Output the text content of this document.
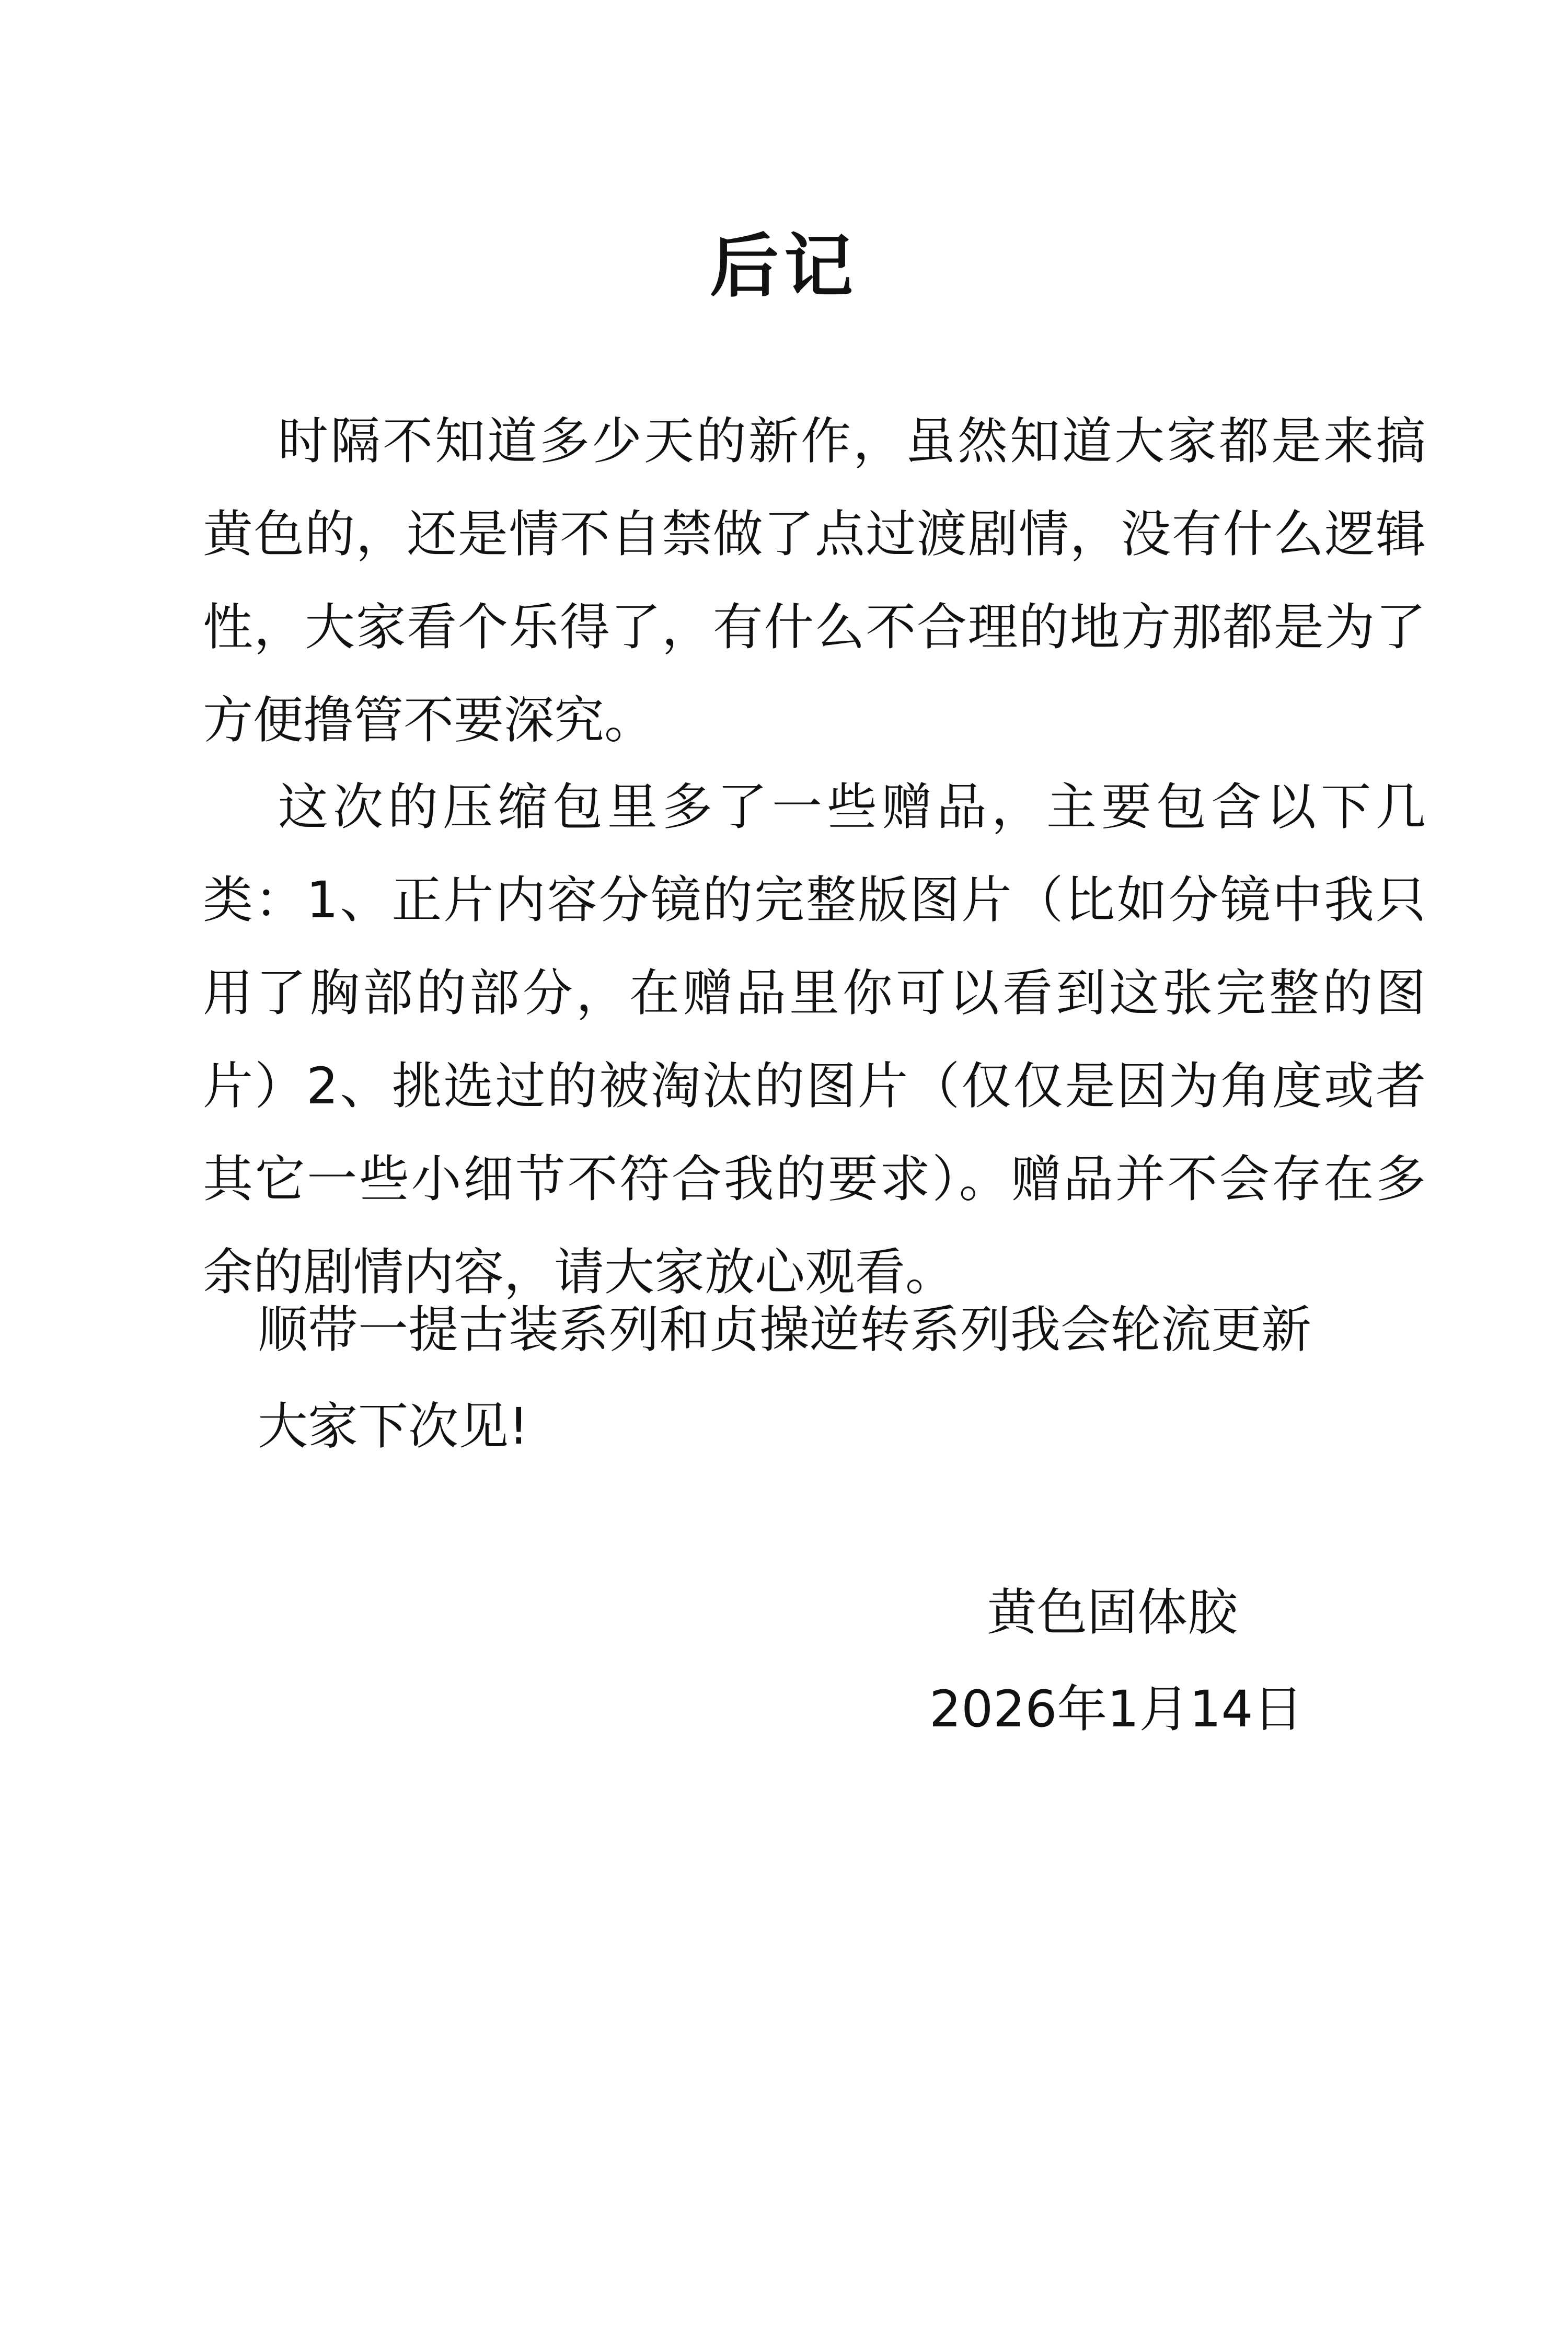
后记
时隔不知道多少天的新作，虽然知道大家都是来搞黄色的，还是情不自禁做了点过渡剧情，没有什么逻辑性，大家看个乐得了，有什么不合理的地方那都是为了方便撸管不要深究。
这次的压缩包里多了一些赠品，主要包含以下几类：1、正片内容分镜的完整版图片（比如分镜中我只用了胸部的部分，在赠品里你可以看到这张完整的图片）2、挑选过的被淘汰的图片（仅仅是因为角度或者其它一些小细节不符合我的要求）。赠品并不会存在多余的剧情内容，请大家放心观看。
顺带一提古装系列和贞操逆转系列我会轮流更新
大家下次见!
黄色固体胶
2026年1月14日
